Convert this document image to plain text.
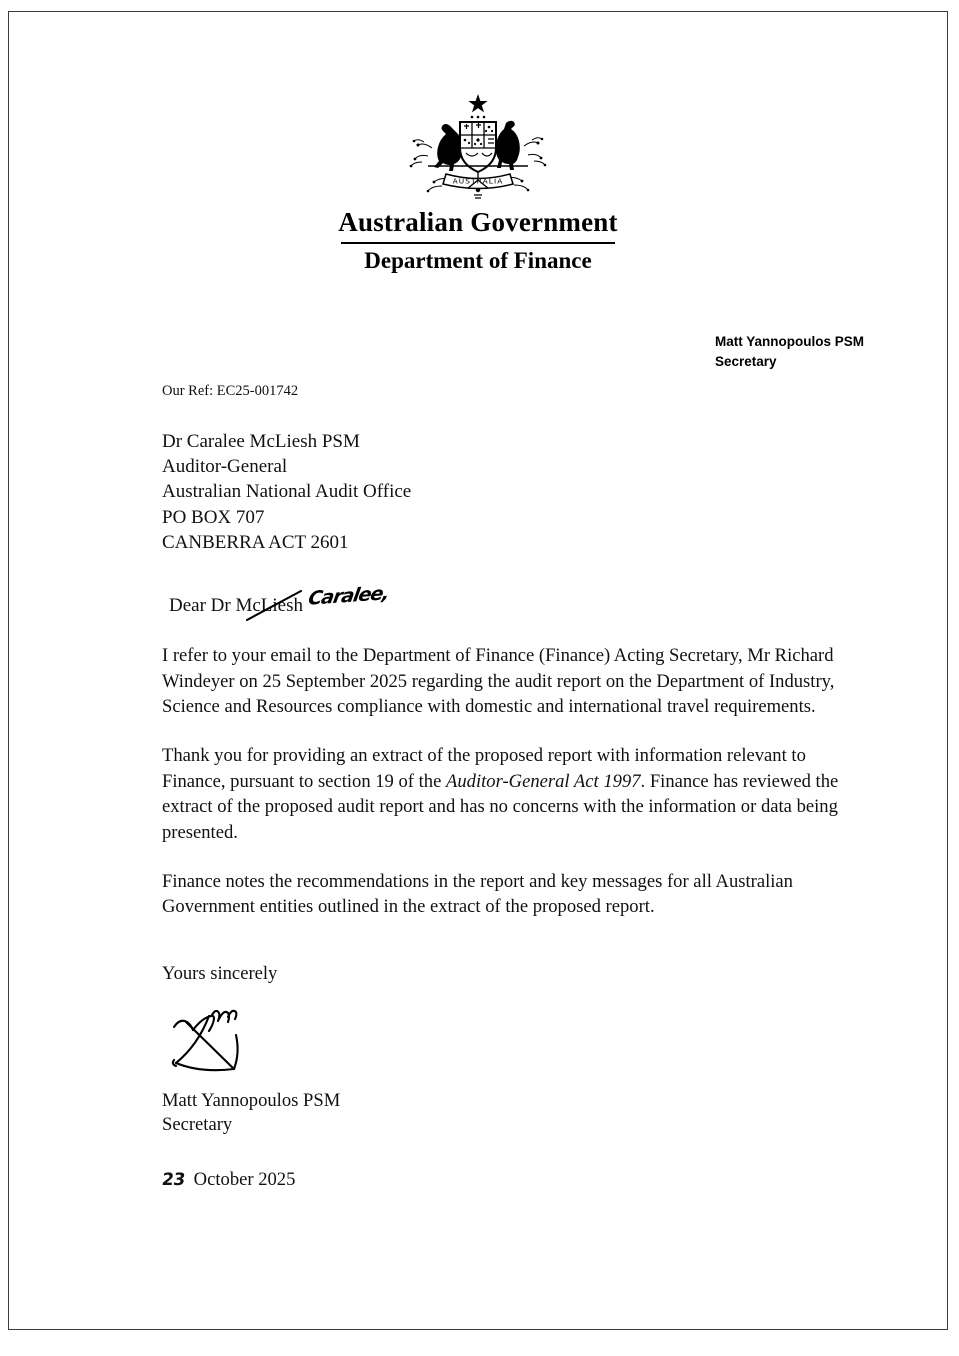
AUSTRALIA
Australian Government
Department of Finance
Matt Yannopoulos PSM
Secretary
Our Ref: EC25-001742
Dr Caralee McLiesh PSM
Auditor-General
Australian National Audit Office
PO BOX 707
CANBERRA ACT 2601
Dear Dr McLiesh Caralee,

I refer to your email to the Department of Finance (Finance) Acting Secretary, Mr Richard Windeyer on 25 September 2025 regarding the audit report on the Department of Industry, Science and Resources compliance with domestic and international travel requirements.

Thank you for providing an extract of the proposed report with information relevant to Finance, pursuant to section 19 of the Auditor-General Act 1997. Finance has reviewed the extract of the proposed audit report and has no concerns with the information or data being presented.

Finance notes the recommendations in the report and key messages for all Australian Government entities outlined in the extract of the proposed report.

Yours sincerely
Matt Yannopoulos PSM
Secretary
23 October 2025
